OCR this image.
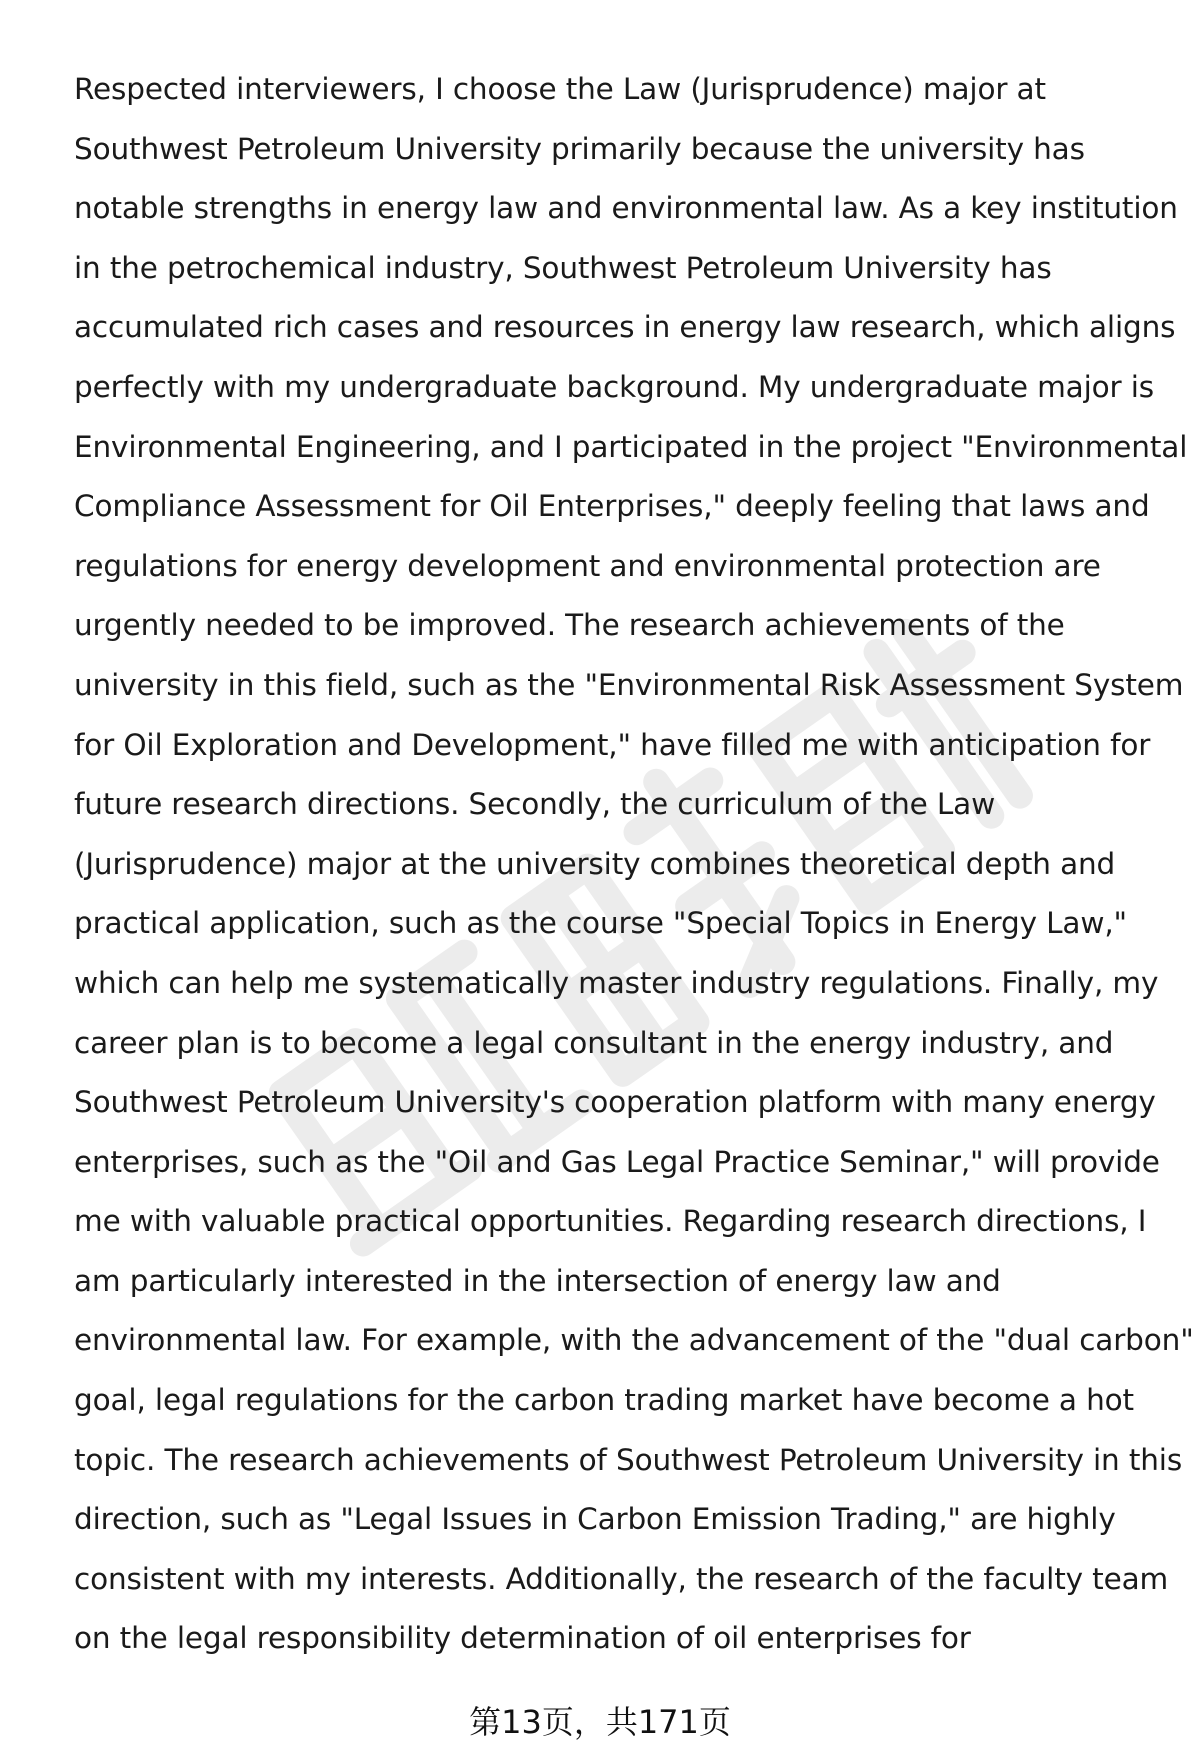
Respected interviewers, I choose the Law (Jurisprudence) major at
Southwest Petroleum University primarily because the university has
notable strengths in energy law and environmental law. As a key institution
in the petrochemical industry, Southwest Petroleum University has
accumulated rich cases and resources in energy law research, which aligns
perfectly with my undergraduate background. My undergraduate major is
Environmental Engineering, and I participated in the project "Environmental
Compliance Assessment for Oil Enterprises," deeply feeling that laws and
regulations for energy development and environmental protection are
urgently needed to be improved. The research achievements of the
university in this field, such as the "Environmental Risk Assessment System
for Oil Exploration and Development," have filled me with anticipation for
future research directions. Secondly, the curriculum of the Law
(Jurisprudence) major at the university combines theoretical depth and
practical application, such as the course "Special Topics in Energy Law,"
which can help me systematically master industry regulations. Finally, my
career plan is to become a legal consultant in the energy industry, and
Southwest Petroleum University's cooperation platform with many energy
enterprises, such as the "Oil and Gas Legal Practice Seminar," will provide
me with valuable practical opportunities. Regarding research directions, I
am particularly interested in the intersection of energy law and
environmental law. For example, with the advancement of the "dual carbon"
goal, legal regulations for the carbon trading market have become a hot
topic. The research achievements of Southwest Petroleum University in this
direction, such as "Legal Issues in Carbon Emission Trading," are highly
consistent with my interests. Additionally, the research of the faculty team
on the legal responsibility determination of oil enterprises for
第13页，共171页
